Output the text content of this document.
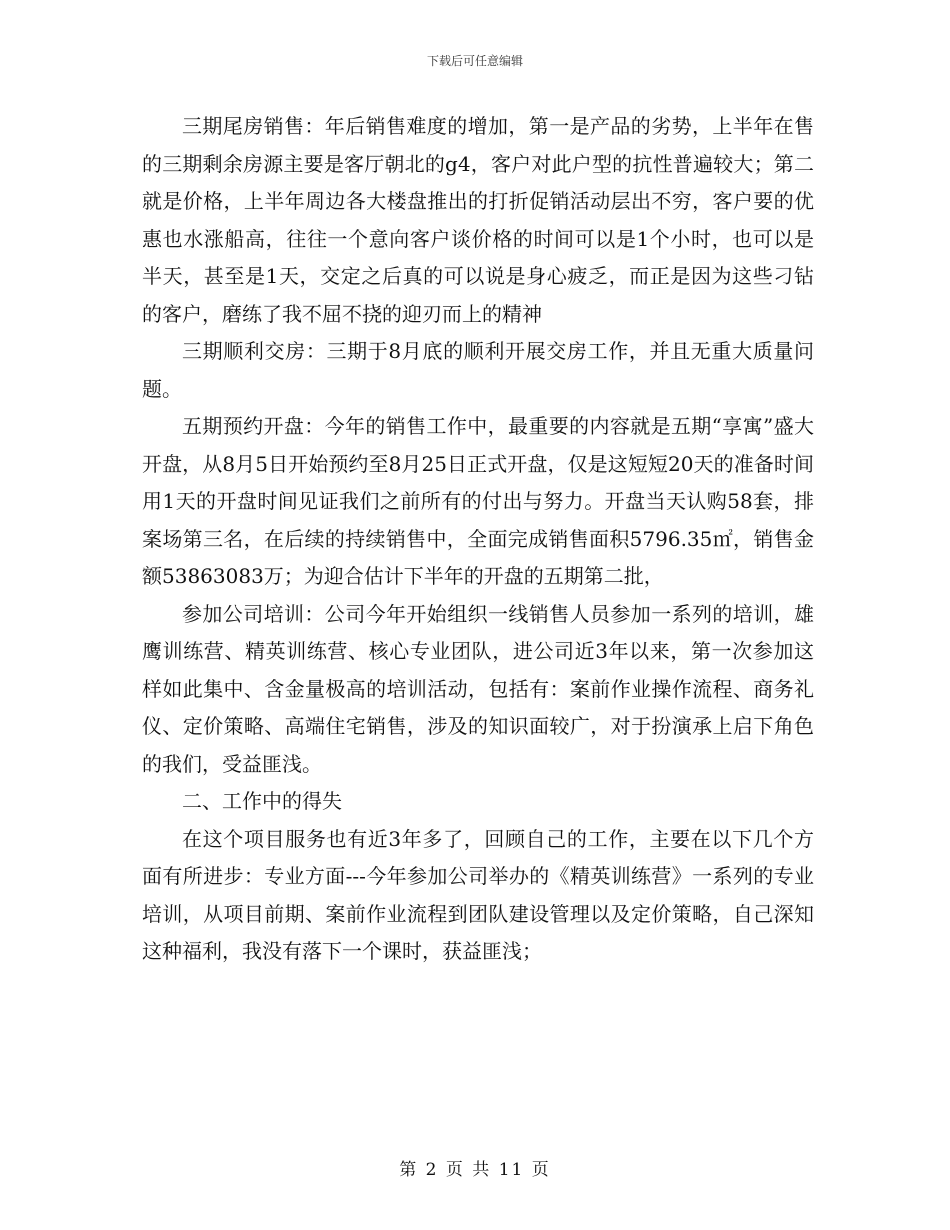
下载后可任意编辑

三期尾房销售：年后销售难度的增加，第一是产品的劣势，上半年在售的三期剩余房源主要是客厅朝北的g4，客户对此户型的抗性普遍较大；第二就是价格，上半年周边各大楼盘推出的打折促销活动层出不穷，客户要的优惠也水涨船高，往往一个意向客户谈价格的时间可以是1个小时，也可以是半天，甚至是1天，交定之后真的可以说是身心疲乏，而正是因为这些刁钻的客户，磨练了我不屈不挠的迎刃而上的精神

三期顺利交房：三期于8月底的顺利开展交房工作，并且无重大质量问题。

五期预约开盘：今年的销售工作中，最重要的内容就是五期“享寓”盛大开盘，从8月5日开始预约至8月25日正式开盘，仅是这短短20天的准备时间用1天的开盘时间见证我们之前所有的付出与努力。开盘当天认购58套，排案场第三名，在后续的持续销售中，全面完成销售面积5796.35㎡，销售金额53863083万；为迎合估计下半年的开盘的五期第二批，

参加公司培训：公司今年开始组织一线销售人员参加一系列的培训，雄鹰训练营、精英训练营、核心专业团队，进公司近3年以来，第一次参加这样如此集中、含金量极高的培训活动，包括有：案前作业操作流程、商务礼仪、定价策略、高端住宅销售，涉及的知识面较广，对于扮演承上启下角色的我们，受益匪浅。

二、工作中的得失

在这个项目服务也有近3年多了，回顾自己的工作，主要在以下几个方面有所进步：专业方面---今年参加公司举办的《精英训练营》一系列的专业培训，从项目前期、案前作业流程到团队建设管理以及定价策略，自己深知这种福利，我没有落下一个课时，获益匪浅；

第 2 页 共 11 页
